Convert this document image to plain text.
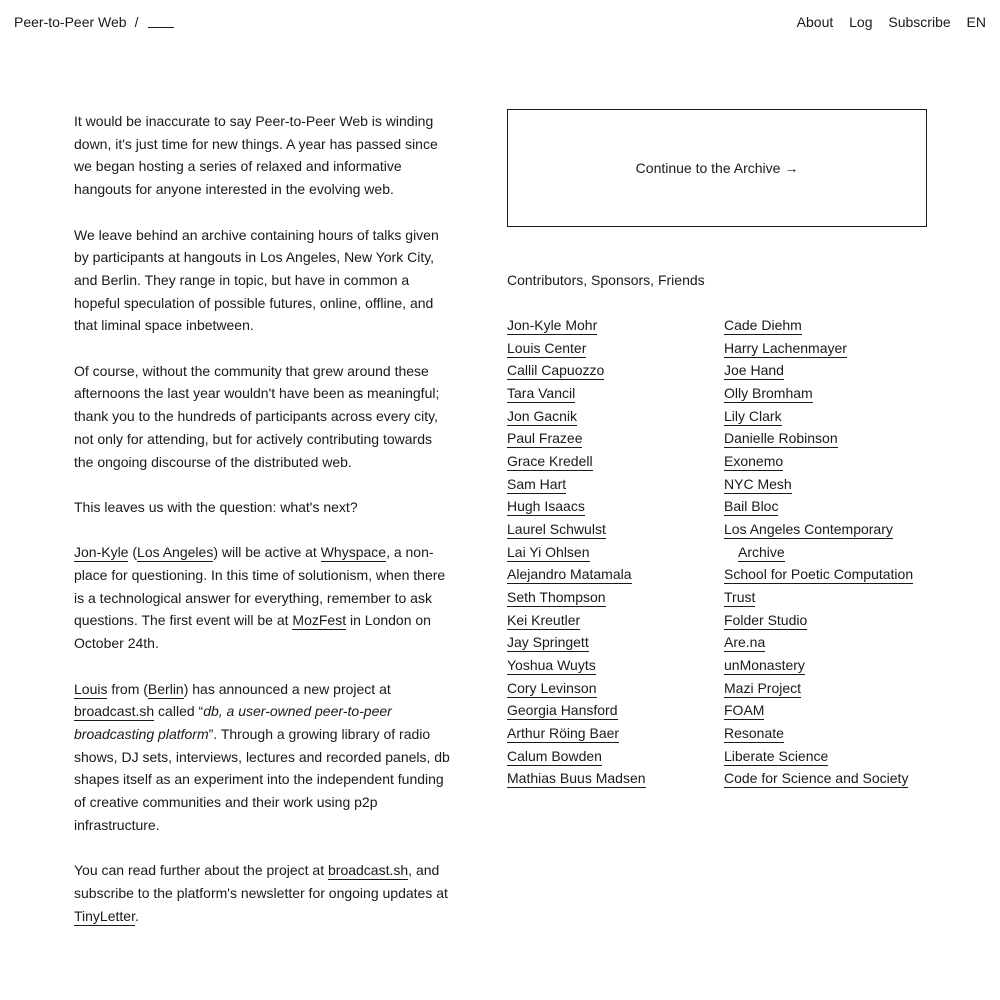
Peer-to-Peer Web /	About Log Subscribe EN

It would be inaccurate to say Peer-to-Peer Web is winding down, it's just time for new things. A year has passed since we began hosting a series of relaxed and informative hangouts for anyone interested in the evolving web.

We leave behind an archive containing hours of talks given by participants at hangouts in Los Angeles, New York City, and Berlin. They range in topic, but have in common a hopeful speculation of possible futures, online, offline, and that liminal space inbetween.

Of course, without the community that grew around these afternoons the last year wouldn't have been as meaningful; thank you to the hundreds of participants across every city, not only for attending, but for actively contributing towards the ongoing discourse of the distributed web.

This leaves us with the question: what's next?

Jon-Kyle (Los Angeles) will be active at Whyspace, a non-place for questioning. In this time of solutionism, when there is a technological answer for everything, remember to ask questions. The first event will be at MozFest in London on October 24th.

Louis from (Berlin) has announced a new project at broadcast.sh called “db, a user-owned peer-to-peer broadcasting platform”. Through a growing library of radio shows, DJ sets, interviews, lectures and recorded panels, db shapes itself as an experiment into the independent funding of creative communities and their work using p2p infrastructure.

You can read further about the project at broadcast.sh, and subscribe to the platform's newsletter for ongoing updates at TinyLetter.

Continue to the Archive →
Contributors, Sponsors, Friends
Jon-Kyle Mohr
Louis Center
Callil Capuozzo
Tara Vancil
Jon Gacnik
Paul Frazee
Grace Kredell
Sam Hart
Hugh Isaacs
Laurel Schwulst
Lai Yi Ohlsen
Alejandro Matamala
Seth Thompson
Kei Kreutler
Jay Springett
Yoshua Wuyts
Cory Levinson
Georgia Hansford
Arthur Röing Baer
Calum Bowden
Mathias Buus Madsen
Cade Diehm
Harry Lachenmayer
Joe Hand
Olly Bromham
Lily Clark
Danielle Robinson
Exonemo
NYC Mesh
Bail Bloc
Los Angeles Contemporary
Archive
School for Poetic Computation
Trust
Folder Studio
Are.na
unMonastery
Mazi Project
FOAM
Resonate
Liberate Science
Code for Science and Society
